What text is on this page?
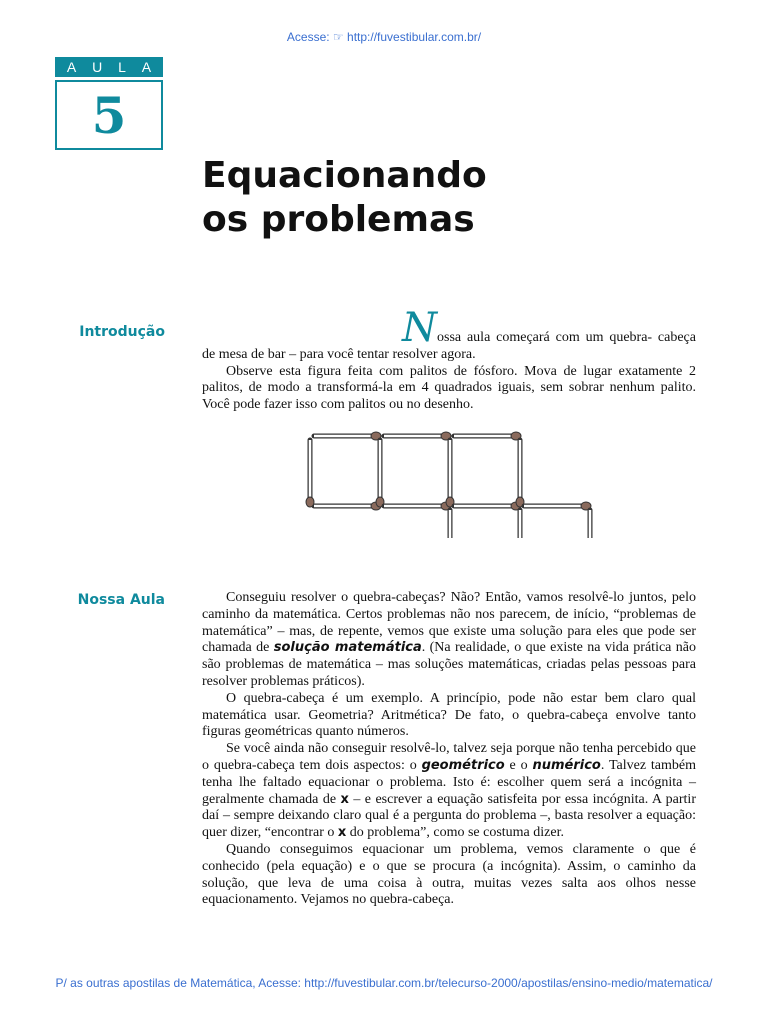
Acesse: ☞ http://fuvestibular.com.br/
A U L A
5
Equacionando
os problemas
Introdução	Nossa aula começará com um quebra- cabeça de mesa de bar – para você tentar resolver agora.

Observe esta figura feita com palitos de fósforo. Mova de lugar exatamente 2 palitos, de modo a transformá-la em 4 quadrados iguais, sem sobrar nenhum palito. Você pode fazer isso com palitos ou no desenho.

Nossa Aula	Conseguiu resolver o quebra-cabeças? Não? Então, vamos resolvê-lo juntos, pelo caminho da matemática. Certos problemas não nos parecem, de início, “problemas de matemática” – mas, de repente, vemos que existe uma solução para eles que pode ser chamada de solução matemática. (Na realidade, o que existe na vida prática não são problemas de matemática – mas soluções matemáticas, criadas pelas pessoas para resolver problemas práticos).

O quebra-cabeça é um exemplo. A princípio, pode não estar bem claro qual matemática usar. Geometria? Aritmética? De fato, o quebra-cabeça envolve tanto figuras geométricas quanto números.

Se você ainda não conseguir resolvê-lo, talvez seja porque não tenha percebido que o quebra-cabeça tem dois aspectos: o geométrico e o numérico. Talvez também tenha lhe faltado equacionar o problema. Isto é: escolher quem será a incógnita – geralmente chamada de x – e escrever a equação satisfeita por essa incógnita. A partir daí – sempre deixando claro qual é a pergunta do problema –, basta resolver a equação: quer dizer, “encontrar o x do problema”, como se costuma dizer.

Quando conseguimos equacionar um problema, vemos claramente o que é conhecido (pela equação) e o que se procura (a incógnita). Assim, o caminho da solução, que leva de uma coisa à outra, muitas vezes salta aos olhos nesse equacionamento. Vejamos no quebra-cabeça.

P/ as outras apostilas de Matemática, Acesse: http://fuvestibular.com.br/telecurso-2000/apostilas/ensino-medio/matematica/
